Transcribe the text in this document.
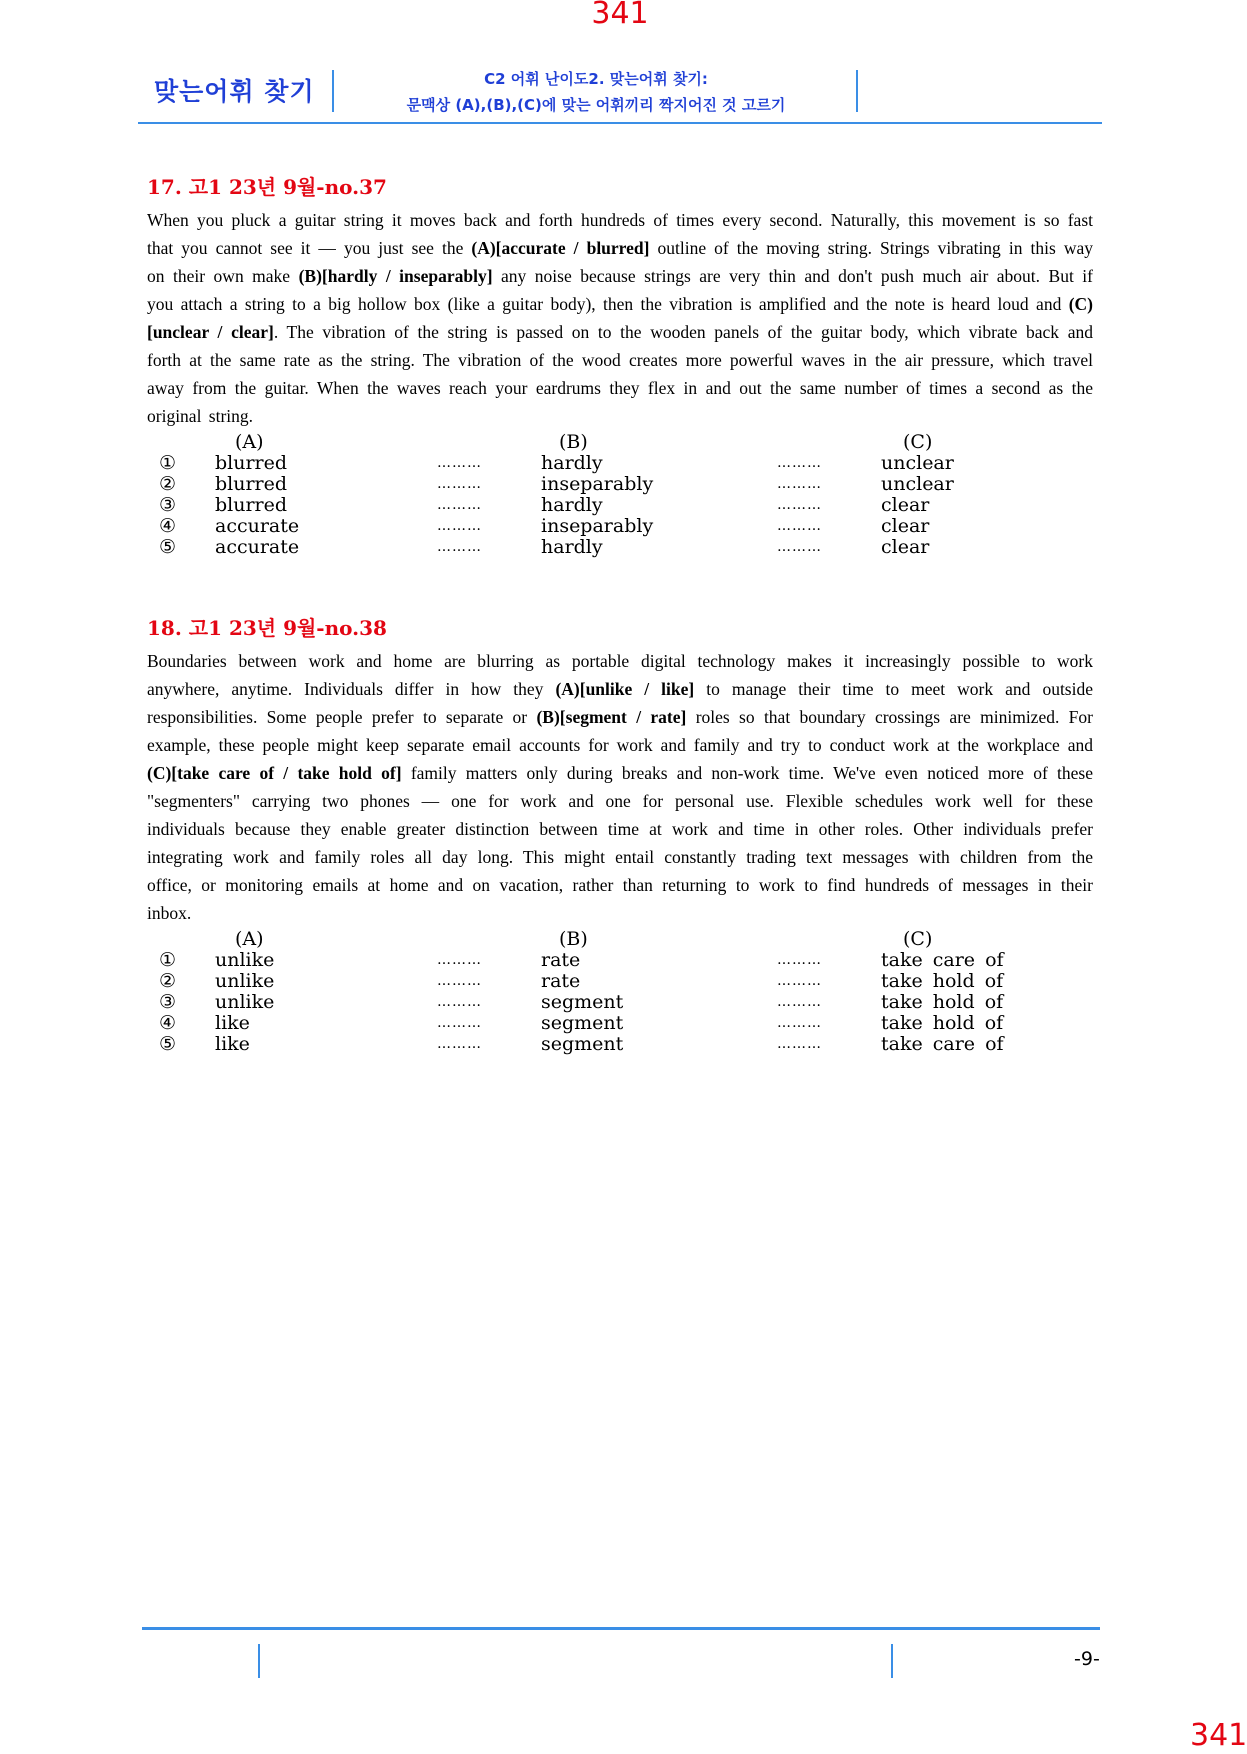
341
맞는어휘 찾기	C2 어휘 난이도2. 맞는어휘 찾기:
문맥상 (A),(B),(C)에 맞는 어휘끼리 짝지어진 것 고르기
17. 고1 23년 9월-no.37

When you pluck a guitar string it moves back and forth hundreds of times every second. Naturally, this movement is so fast that you cannot see it — you just see the (A)[accurate / blurred] outline of the moving string. Strings vibrating in this way on their own make (B)[hardly / inseparably] any noise because strings are very thin and don't push much air about. But if you attach a string to a big hollow box (like a guitar body), then the vibration is amplified and the note is heard loud and (C)[unclear / clear]. The vibration of the string is passed on to the wooden panels of the guitar body, which vibrate back and forth at the same rate as the string. The vibration of the wood creates more powerful waves in the air pressure, which travel away from the guitar. When the waves reach your eardrums they flex in and out the same number of times a second as the original string.

(A)	(B)	(C)
① blurred	………	hardly	………	unclear
② blurred	………	inseparably	………	unclear
③ blurred	………	hardly	………	clear
④ accurate	………	inseparably	………	clear
⑤ accurate	………	hardly	………	clear
18. 고1 23년 9월-no.38

Boundaries between work and home are blurring as portable digital technology makes it increasingly possible to work anywhere, anytime. Individuals differ in how they (A)[unlike / like] to manage their time to meet work and outside responsibilities. Some people prefer to separate or (B)[segment / rate] roles so that boundary crossings are minimized. For example, these people might keep separate email accounts for work and family and try to conduct work at the workplace and (C)[take care of / take hold of] family matters only during breaks and non-work time. We've even noticed more of these "segmenters" carrying two phones — one for work and one for personal use. Flexible schedules work well for these individuals because they enable greater distinction between time at work and time in other roles. Other individuals prefer integrating work and family roles all day long. This might entail constantly trading text messages with children from the office, or monitoring emails at home and on vacation, rather than returning to work to find hundreds of messages in their inbox.

(A)	(B)	(C)
① unlike	………	rate	………	take care of
② unlike	………	rate	………	take hold of
③ unlike	………	segment	………	take hold of
④ like	………	segment	………	take hold of
⑤ like	………	segment	………	take care of
-9-
341
